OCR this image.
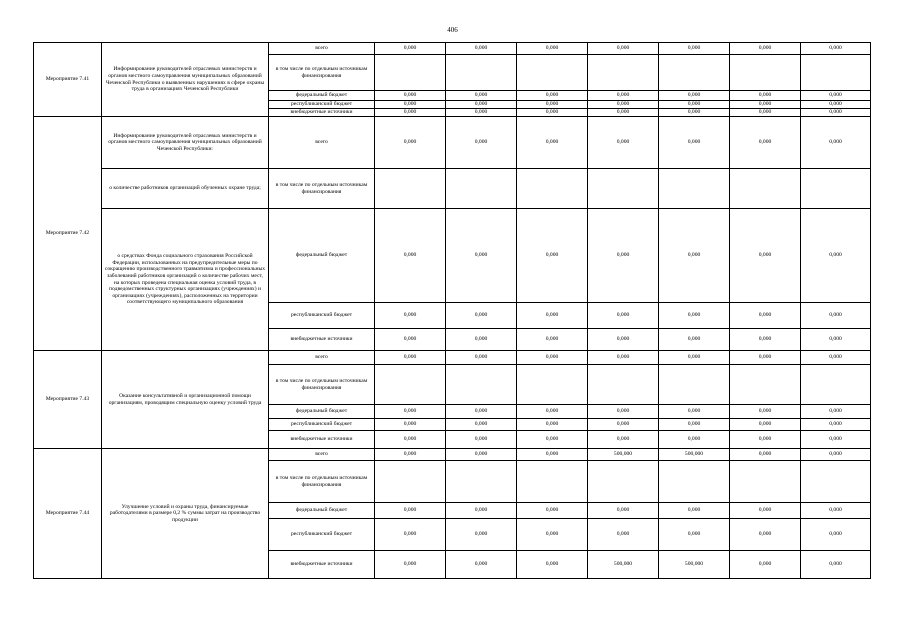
406
Мероприятие 7.41	Информирование руководителей отраслевых министерств и органов местного самоуправления муниципальных образований Чеченской Республики о выявленных нарушениях в сфере охраны труда в организациях Чеченской Республики	всего	0,000	0,000	0,000	0,000	0,000	0,000	0,000
		в том числе по отдельным источникам финансирования							
		федеральный бюджет	0,000	0,000	0,000	0,000	0,000	0,000	0,000
		республиканский бюджет	0,000	0,000	0,000	0,000	0,000	0,000	0,000
		внебюджетные источники	0,000	0,000	0,000	0,000	0,000	0,000	0,000
Мероприятие 7.42	Информирование руководителей отраслевых министерств и органов местного самоуправления муниципальных образований Чеченской Республики:	всего	0,000	0,000	0,000	0,000	0,000	0,000	0,000
	о количестве работников организаций обученных охране труда;	в том числе по отдельным источникам финансирования							
	о средствах Фонда социального страхования Российской Федерации, использованных на предупредительные меры по сокращению производственного травматизма и профессиональных заболеваний работников организаций о количестве рабочих мест, на которых проведена специальная оценка условий труда, в подведомственных структурных организациях (учреждениях) и организациях (учреждениях), расположенных на территории соответствующего муниципального образования	федеральный бюджет	0,000	0,000	0,000	0,000	0,000	0,000	0,000
		республиканский бюджет	0,000	0,000	0,000	0,000	0,000	0,000	0,000
		внебюджетные источники	0,000	0,000	0,000	0,000	0,000	0,000	0,000
Мероприятие 7.43	Оказание консультативной и организационной помощи организациям, проводящим специальную оценку условий труда	всего	0,000	0,000	0,000	0,000	0,000	0,000	0,000
		в том числе по отдельным источникам финансирования							
		федеральный бюджет	0,000	0,000	0,000	0,000	0,000	0,000	0,000
		республиканский бюджет	0,000	0,000	0,000	0,000	0,000	0,000	0,000
		внебюджетные источники	0,000	0,000	0,000	0,000	0,000	0,000	0,000
Мероприятие 7.44	Улучшение условий и охраны труда, финансируемые работодателями в размере 0,2 % суммы затрат на производство продукции	всего	0,000	0,000	0,000	500,000	500,000	0,000	0,000
		в том числе по отдельным источникам финансирования							
		федеральный бюджет	0,000	0,000	0,000	0,000	0,000	0,000	0,000
		республиканский бюджет	0,000	0,000	0,000	0,000	0,000	0,000	0,000
		внебюджетные источники	0,000	0,000	0,000	500,000	500,000	0,000	0,000
